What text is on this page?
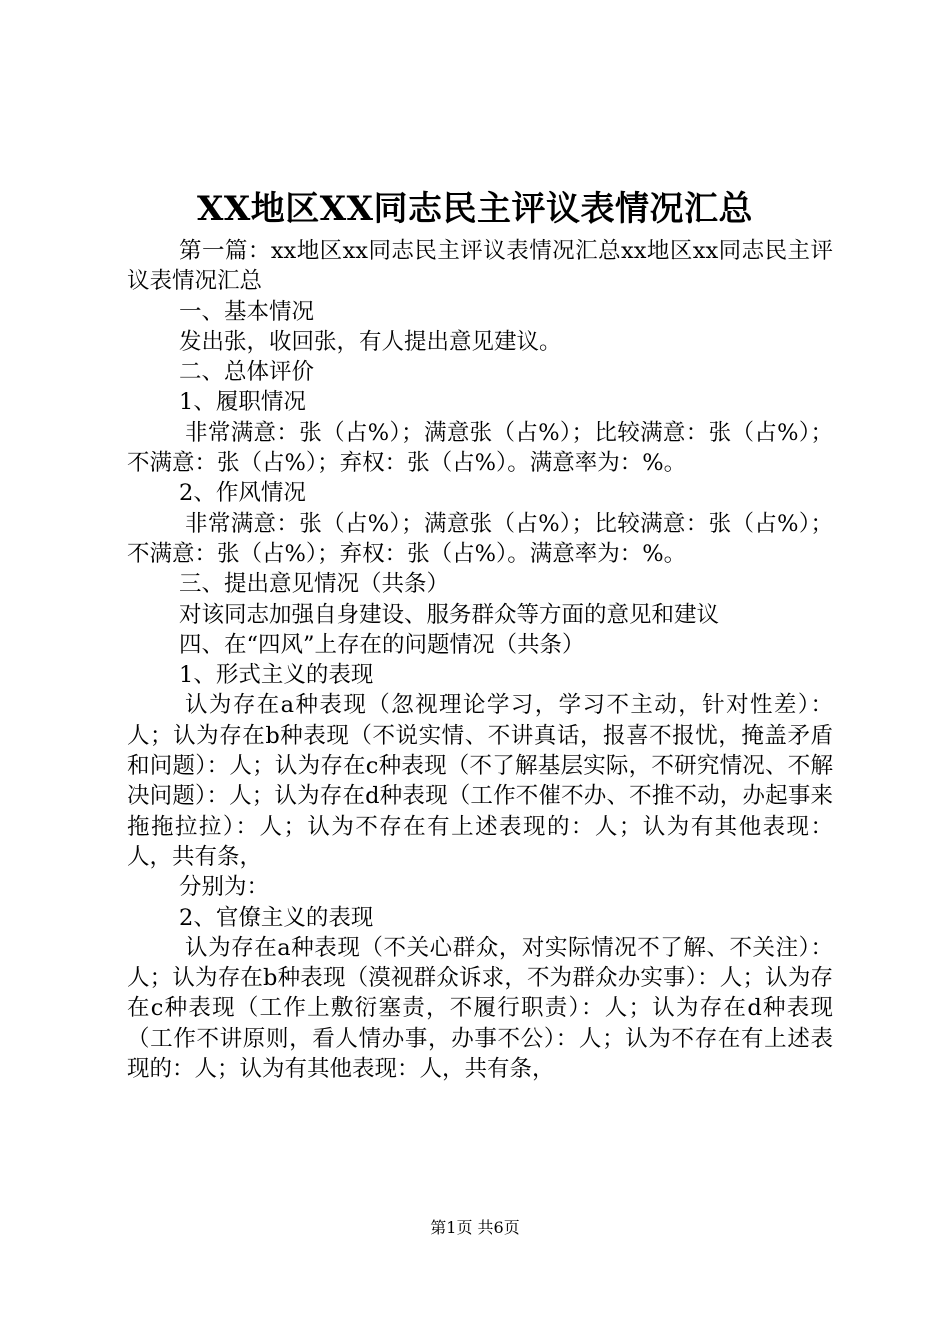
XX地区XX同志民主评议表情况汇总

第一篇：xx地区xx同志民主评议表情况汇总xx地区xx同志民主评议表情况汇总

一、基本情况

发出张，收回张，有人提出意见建议。

二、总体评价

1、履职情况

非常满意：张（占%）；满意张（占%）；比较满意：张（占%）；不满意：张（占%）；弃权：张（占%）。满意率为：%。

2、作风情况

非常满意：张（占%）；满意张（占%）；比较满意：张（占%）；不满意：张（占%）；弃权：张（占%）。满意率为：%。

三、提出意见情况（共条）

对该同志加强自身建设、服务群众等方面的意见和建议

四、在“四风”上存在的问题情况（共条）

1、形式主义的表现

认为存在a种表现（忽视理论学习，学习不主动，针对性差）：人；认为存在b种表现（不说实情、不讲真话，报喜不报忧，掩盖矛盾和问题）：人；认为存在c种表现（不了解基层实际，不研究情况、不解决问题）：人；认为存在d种表现（工作不催不办、不推不动，办起事来拖拖拉拉）：人；认为不存在有上述表现的：人；认为有其他表现：人，共有条，

分别为：

2、官僚主义的表现

认为存在a种表现（不关心群众，对实际情况不了解、不关注）：人；认为存在b种表现（漠视群众诉求，不为群众办实事）：人；认为存在c种表现（工作上敷衍塞责，不履行职责）：人；认为存在d种表现（工作不讲原则，看人情办事，办事不公）：人；认为不存在有上述表现的：人；认为有其他表现：人，共有条，

第1页 共6页
